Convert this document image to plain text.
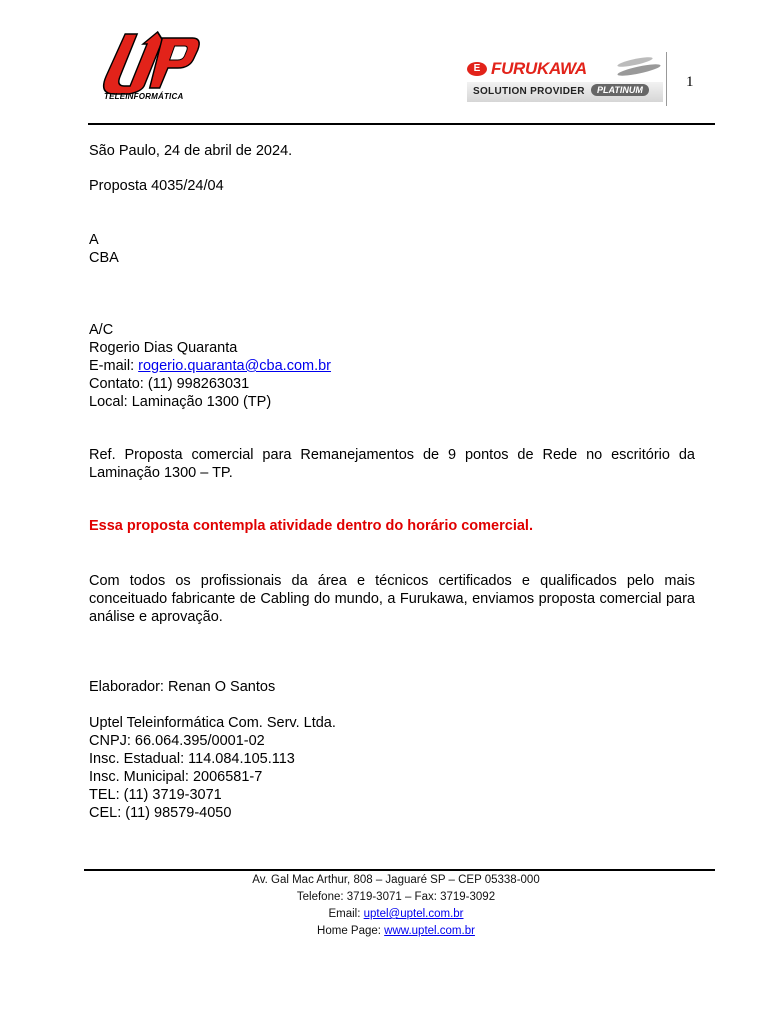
TELEINFORMÁTICA
E FURUKAWA
SOLUTION PROVIDER	PLATINUM	1
São Paulo, 24 de abril de 2024.
Proposta 4035/24/04
A
CBA
A/C
Rogerio Dias Quaranta
E-mail: rogerio.quaranta@cba.com.br
Contato: (11) 998263031
Local: Laminação 1300 (TP)
Ref. Proposta comercial para Remanejamentos de 9 pontos de Rede no escritório da Laminação 1300 – TP.
Essa proposta contempla atividade dentro do horário comercial.
Com todos os profissionais da área e técnicos certificados e qualificados pelo mais conceituado fabricante de Cabling do mundo, a Furukawa, enviamos proposta comercial para análise e aprovação.
Elaborador: Renan O Santos
Uptel Teleinformática Com. Serv. Ltda.
CNPJ: 66.064.395/0001-02
Insc. Estadual: 114.084.105.113
Insc. Municipal: 2006581-7
TEL: (11) 3719-3071
CEL: (11) 98579-4050
Av. Gal Mac Arthur, 808 – Jaguaré SP – CEP 05338-000
Telefone: 3719-3071 – Fax: 3719-3092
Email: uptel@uptel.com.br
Home Page: www.uptel.com.br
